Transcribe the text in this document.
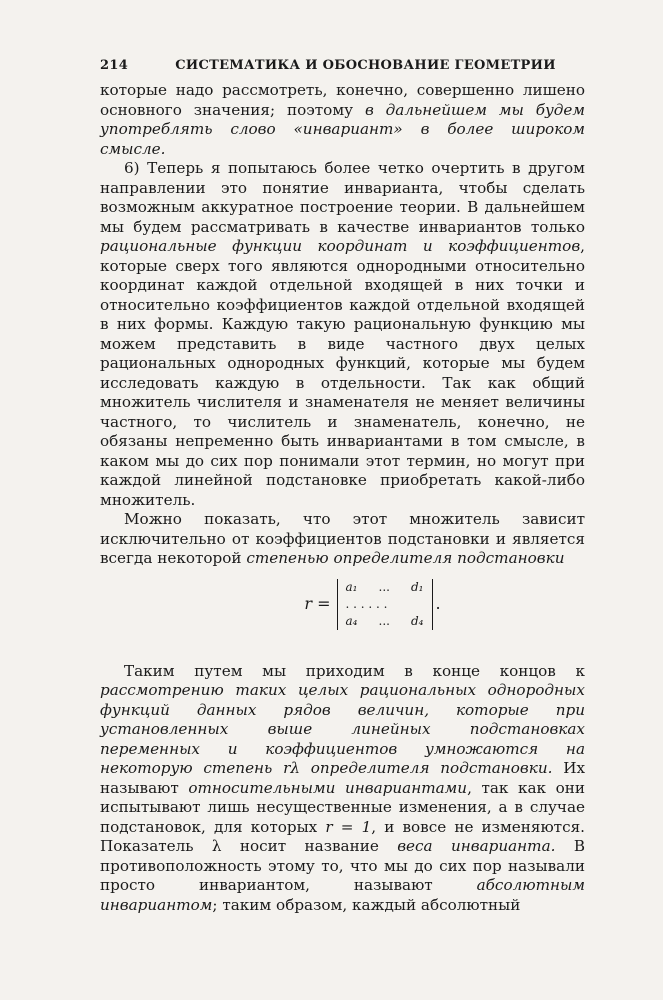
214	СИСТЕМАТИКА И ОБОСНОВАНИЕ ГЕОМЕТРИИ

которые надо рассмотреть, конечно, совершенно лишено основного значения; поэтому в дальнейшем мы будем употреблять слово «инвариант» в более широком смысле.

6) Теперь я попытаюсь более четко очертить в другом направлении это понятие инварианта, чтобы сделать возможным аккуратное построение теории. В дальнейшем мы будем рассматривать в качестве инвариантов только рациональные функции координат и коэффициентов, которые сверх того являются однородными относительно координат каждой отдельной входящей в них точки и относительно коэффициентов каждой отдельной входящей в них формы. Каждую такую рациональную функцию мы можем представить в виде частного двух целых рациональных однородных функций, которые мы будем исследовать каждую в отдельности. Так как общий множитель числителя и знаменателя не меняет величины частного, то числитель и знаменатель, конечно, не обязаны непременно быть инвариантами в том смысле, в каком мы до сих пор понимали этот термин, но могут при каждой линейной подстановке приобретать какой-либо множитель.

Можно показать, что этот множитель зависит исключительно от коэффициентов подстановки и является всегда некоторой степенью определителя подстановки

r =
a₁ ... d₁
. . . . . .
a₄ ... d₄
.

Таким путем мы приходим в конце концов к рассмотрению таких целых рациональных однородных функций данных рядов величин, которые при установленных выше линейных подстановках переменных и коэффициентов умножаются на некоторую степень rλ определителя подстановки. Их называют относительными инвариантами, так как они испытывают лишь несущественные изменения, а в случае подстановок, для которых r = 1, и вовсе не изменяются. Показатель λ носит название веса инварианта. В противоположность этому то, что мы до сих пор называли просто инвариантом, называют абсолютным инвариантом; таким образом, каждый абсолютный
